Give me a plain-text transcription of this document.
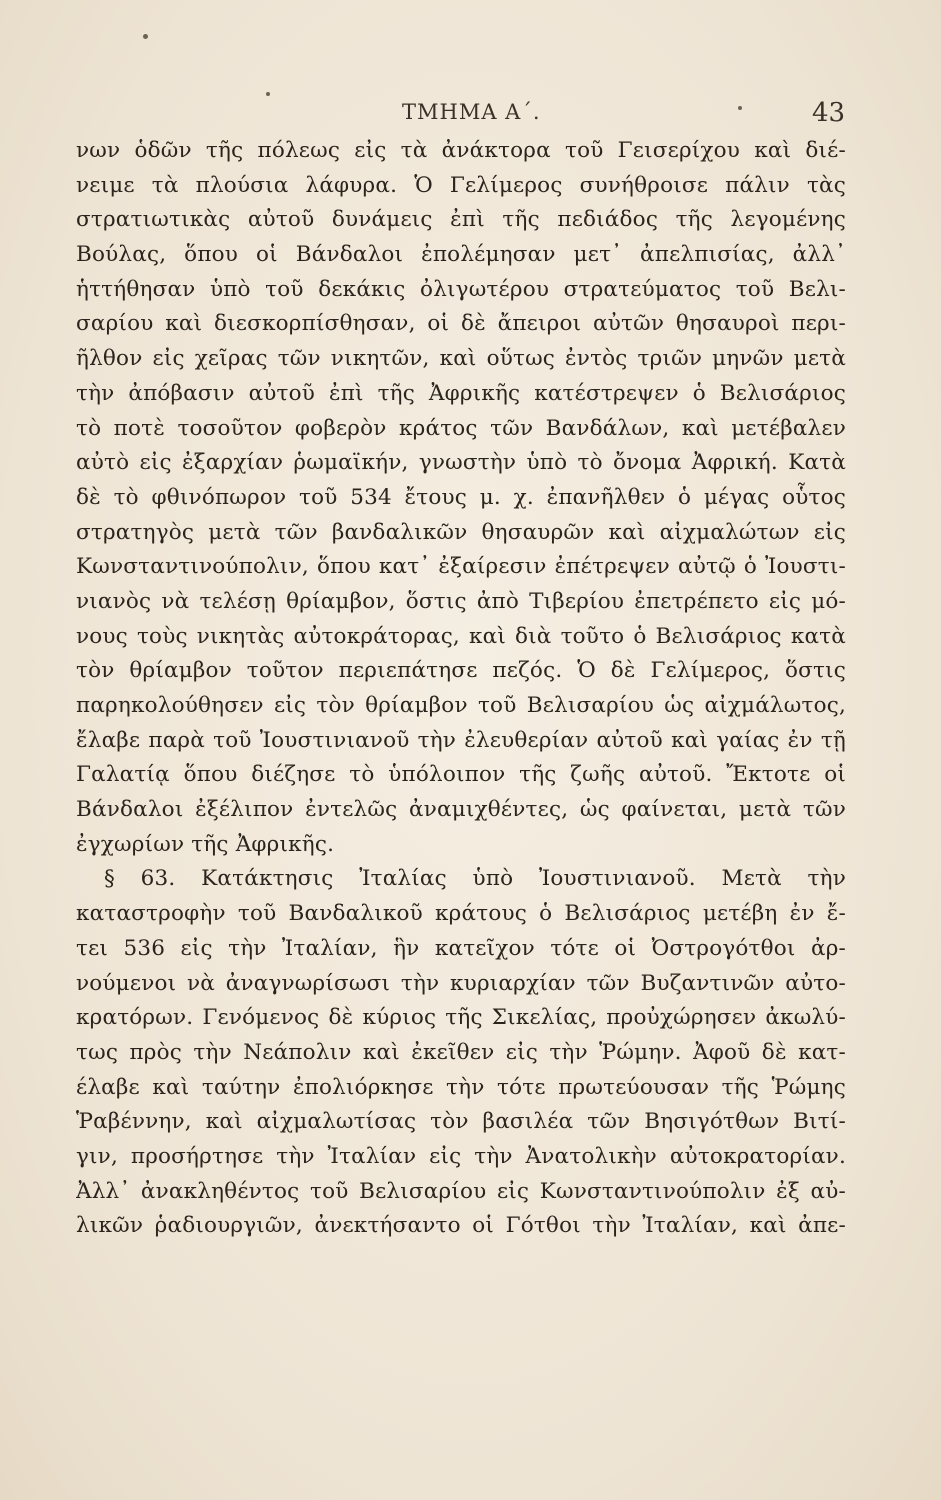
ΤΜΗΜΑ Α΄.	43
νων ὁδῶν τῆς πόλεως εἰς τὰ ἀνάκτορα τοῦ Γεισερίχου καὶ διέ-
νειμε τὰ πλούσια λάφυρα. Ὁ Γελίμερος συνήθροισε πάλιν τὰς
στρατιωτικὰς αὐτοῦ δυνάμεις ἐπὶ τῆς πεδιάδος τῆς λεγομένης
Βούλας, ὅπου οἱ Βάνδαλοι ἐπολέμησαν μετ᾽ ἀπελπισίας, ἀλλ᾽
ἡττήθησαν ὑπὸ τοῦ δεκάκις ὀλιγωτέρου στρατεύματος τοῦ Βελι-
σαρίου καὶ διεσκορπίσθησαν, οἱ δὲ ἄπειροι αὐτῶν θησαυροὶ περι-
ῆλθον εἰς χεῖρας τῶν νικητῶν, καὶ οὕτως ἐντὸς τριῶν μηνῶν μετὰ
τὴν ἀπόβασιν αὐτοῦ ἐπὶ τῆς Ἀφρικῆς κατέστρεψεν ὁ Βελισάριος
τὸ ποτὲ τοσοῦτον φοβερὸν κράτος τῶν Βανδάλων, καὶ μετέβαλεν
αὐτὸ εἰς ἐξαρχίαν ῥωμαϊκήν, γνωστὴν ὑπὸ τὸ ὄνομα Ἀφρική. Κατὰ
δὲ τὸ φθινόπωρον τοῦ 534 ἔτους μ. χ. ἐπανῆλθεν ὁ μέγας οὗτος
στρατηγὸς μετὰ τῶν βανδαλικῶν θησαυρῶν καὶ αἰχμαλώτων εἰς
Κωνσταντινούπολιν, ὅπου κατ᾽ ἐξαίρεσιν ἐπέτρεψεν αὐτῷ ὁ Ἰουστι-
νιανὸς νὰ τελέσῃ θρίαμβον, ὅστις ἀπὸ Τιβερίου ἐπετρέπετο εἰς μό-
νους τοὺς νικητὰς αὐτοκράτορας, καὶ διὰ τοῦτο ὁ Βελισάριος κατὰ
τὸν θρίαμβον τοῦτον περιεπάτησε πεζός. Ὁ δὲ Γελίμερος, ὅστις
παρηκολούθησεν εἰς τὸν θρίαμβον τοῦ Βελισαρίου ὡς αἰχμάλωτος,
ἔλαβε παρὰ τοῦ Ἰουστινιανοῦ τὴν ἐλευθερίαν αὐτοῦ καὶ γαίας ἐν τῇ
Γαλατίᾳ ὅπου διέζησε τὸ ὑπόλοιπον τῆς ζωῆς αὐτοῦ. Ἔκτοτε οἱ
Βάνδαλοι ἐξέλιπον ἐντελῶς ἀναμιχθέντες, ὡς φαίνεται, μετὰ τῶν
ἐγχωρίων τῆς Ἀφρικῆς.
§ 63. Κατάκτησις Ἰταλίας ὑπὸ Ἰουστινιανοῦ. Μετὰ τὴν
καταστροφὴν τοῦ Βανδαλικοῦ κράτους ὁ Βελισάριος μετέβη ἐν ἔ-
τει 536 εἰς τὴν Ἰταλίαν, ἣν κατεῖχον τότε οἱ Ὀστρογότθοι ἀρ-
νούμενοι νὰ ἀναγνωρίσωσι τὴν κυριαρχίαν τῶν Βυζαντινῶν αὐτο-
κρατόρων. Γενόμενος δὲ κύριος τῆς Σικελίας, προὐχώρησεν ἀκωλύ-
τως πρὸς τὴν Νεάπολιν καὶ ἐκεῖθεν εἰς τὴν Ῥώμην. Ἀφοῦ δὲ κατ-
έλαβε καὶ ταύτην ἐπολιόρκησε τὴν τότε πρωτεύουσαν τῆς Ῥώμης
Ῥαβέννην, καὶ αἰχμαλωτίσας τὸν βασιλέα τῶν Βησιγότθων Βιτί-
γιν, προσήρτησε τὴν Ἰταλίαν εἰς τὴν Ἀνατολικὴν αὐτοκρατορίαν.
Ἀλλ᾽ ἀνακληθέντος τοῦ Βελισαρίου εἰς Κωνσταντινούπολιν ἐξ αὐ-
λικῶν ῥαδιουργιῶν, ἀνεκτήσαντο οἱ Γότθοι τὴν Ἰταλίαν, καὶ ἀπε-
